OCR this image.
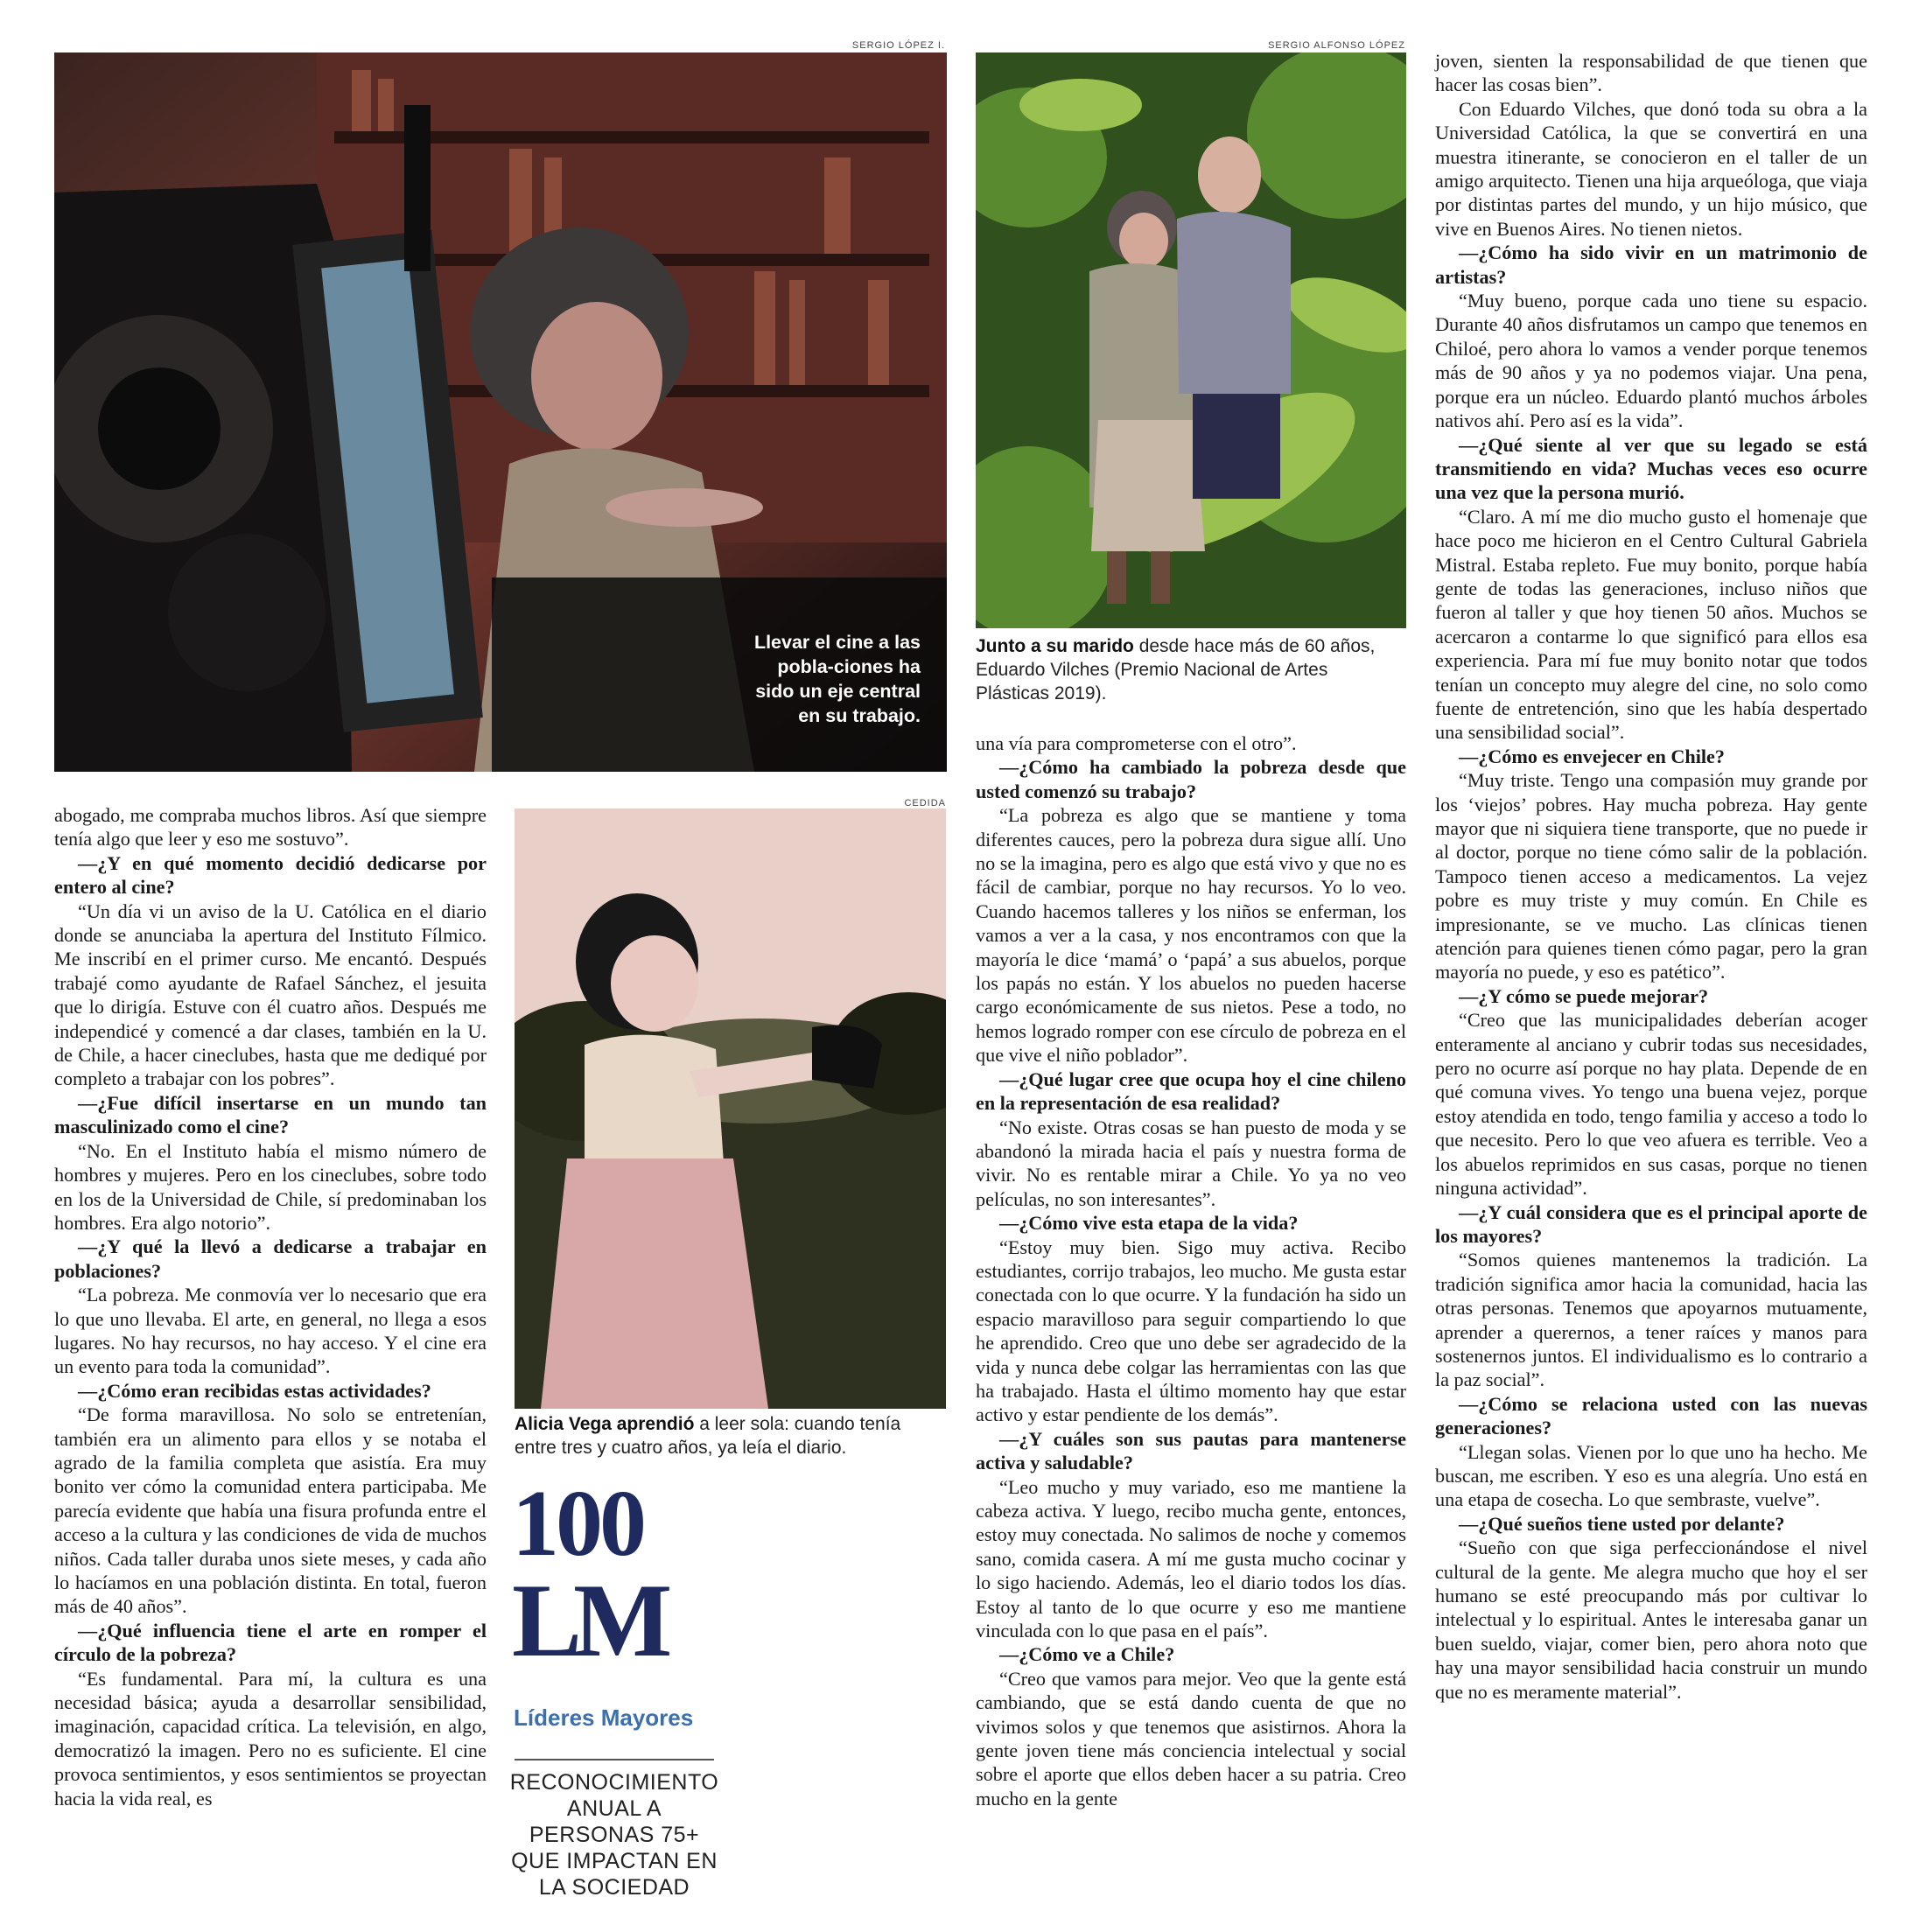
SERGIO LÓPEZ I.
Llevar el cine a las pobla-ciones ha sido un eje central en su trabajo.
SERGIO ALFONSO LÓPEZ
Junto a su marido desde hace más de 60 años, Eduardo Vilches (Premio Nacional de Artes Plásticas 2019).
CEDIDA
Alicia Vega aprendió a leer sola: cuando tenía entre tres y cuatro años, ya leía el diario.
100
LM
Líderes Mayores
RECONOCIMIENTO ANUAL A PERSONAS 75+ QUE IMPACTAN EN LA SOCIEDAD

abogado, me compraba muchos libros. Así que siempre tenía algo que leer y eso me sostuvo”.

—¿Y en qué momento decidió dedicarse por entero al cine?

“Un día vi un aviso de la U. Católica en el diario donde se anunciaba la apertura del Instituto Fílmico. Me inscribí en el primer curso. Me encantó. Después trabajé como ayudante de Rafael Sánchez, el jesuita que lo dirigía. Estuve con él cuatro años. Después me independicé y comencé a dar clases, también en la U. de Chile, a hacer cineclubes, hasta que me dediqué por completo a trabajar con los pobres”.

—¿Fue difícil insertarse en un mundo tan masculinizado como el cine?

“No. En el Instituto había el mismo número de hombres y mujeres. Pero en los cineclubes, sobre todo en los de la Universidad de Chile, sí predominaban los hombres. Era algo notorio”.

—¿Y qué la llevó a dedicarse a trabajar en poblaciones?

“La pobreza. Me conmovía ver lo necesario que era lo que uno llevaba. El arte, en general, no llega a esos lugares. No hay recursos, no hay acceso. Y el cine era un evento para toda la comunidad”.

—¿Cómo eran recibidas estas actividades?

“De forma maravillosa. No solo se entretenían, también era un alimento para ellos y se notaba el agrado de la familia completa que asistía. Era muy bonito ver cómo la comunidad entera participaba. Me parecía evidente que había una fisura profunda entre el acceso a la cultura y las condiciones de vida de muchos niños. Cada taller duraba unos siete meses, y cada año lo hacíamos en una población distinta. En total, fueron más de 40 años”.

—¿Qué influencia tiene el arte en romper el círculo de la pobreza?

“Es fundamental. Para mí, la cultura es una necesidad básica; ayuda a desarrollar sensibilidad, imaginación, capacidad crítica. La televisión, en algo, democratizó la imagen. Pero no es suficiente. El cine provoca sentimientos, y esos sentimientos se proyectan hacia la vida real, es

una vía para comprometerse con el otro”.

—¿Cómo ha cambiado la pobreza desde que usted comenzó su trabajo?

“La pobreza es algo que se mantiene y toma diferentes cauces, pero la pobreza dura sigue allí. Uno no se la imagina, pero es algo que está vivo y que no es fácil de cambiar, porque no hay recursos. Yo lo veo. Cuando hacemos talleres y los niños se enferman, los vamos a ver a la casa, y nos encontramos con que la mayoría le dice ‘mamá’ o ‘papá’ a sus abuelos, porque los papás no están. Y los abuelos no pueden hacerse cargo económicamente de sus nietos. Pese a todo, no hemos logrado romper con ese círculo de pobreza en el que vive el niño poblador”.

—¿Qué lugar cree que ocupa hoy el cine chileno en la representación de esa realidad?

“No existe. Otras cosas se han puesto de moda y se abandonó la mirada hacia el país y nuestra forma de vivir. No es rentable mirar a Chile. Yo ya no veo películas, no son interesantes”.

—¿Cómo vive esta etapa de la vida?

“Estoy muy bien. Sigo muy activa. Recibo estudiantes, corrijo trabajos, leo mucho. Me gusta estar conectada con lo que ocurre. Y la fundación ha sido un espacio maravilloso para seguir compartiendo lo que he aprendido. Creo que uno debe ser agradecido de la vida y nunca debe colgar las herramientas con las que ha trabajado. Hasta el último momento hay que estar activo y estar pendiente de los demás”.

—¿Y cuáles son sus pautas para mantenerse activa y saludable?

“Leo mucho y muy variado, eso me mantiene la cabeza activa. Y luego, recibo mucha gente, entonces, estoy muy conectada. No salimos de noche y comemos sano, comida casera. A mí me gusta mucho cocinar y lo sigo haciendo. Además, leo el diario todos los días. Estoy al tanto de lo que ocurre y eso me mantiene vinculada con lo que pasa en el país”.

—¿Cómo ve a Chile?

“Creo que vamos para mejor. Veo que la gente está cambiando, que se está dando cuenta de que no vivimos solos y que tenemos que asistirnos. Ahora la gente joven tiene más conciencia intelectual y social sobre el aporte que ellos deben hacer a su patria. Creo mucho en la gente

joven, sienten la responsabilidad de que tienen que hacer las cosas bien”.

Con Eduardo Vilches, que donó toda su obra a la Universidad Católica, la que se convertirá en una muestra itinerante, se conocieron en el taller de un amigo arquitecto. Tienen una hija arqueóloga, que viaja por distintas partes del mundo, y un hijo músico, que vive en Buenos Aires. No tienen nietos.

—¿Cómo ha sido vivir en un matrimonio de artistas?

“Muy bueno, porque cada uno tiene su espacio. Durante 40 años disfrutamos un campo que tenemos en Chiloé, pero ahora lo vamos a vender porque tenemos más de 90 años y ya no podemos viajar. Una pena, porque era un núcleo. Eduardo plantó muchos árboles nativos ahí. Pero así es la vida”.

—¿Qué siente al ver que su legado se está transmitiendo en vida? Muchas veces eso ocurre una vez que la persona murió.

“Claro. A mí me dio mucho gusto el homenaje que hace poco me hicieron en el Centro Cultural Gabriela Mistral. Estaba repleto. Fue muy bonito, porque había gente de todas las generaciones, incluso niños que fueron al taller y que hoy tienen 50 años. Muchos se acercaron a contarme lo que significó para ellos esa experiencia. Para mí fue muy bonito notar que todos tenían un concepto muy alegre del cine, no solo como fuente de entretención, sino que les había despertado una sensibilidad social”.

—¿Cómo es envejecer en Chile?

“Muy triste. Tengo una compasión muy grande por los ‘viejos’ pobres. Hay mucha pobreza. Hay gente mayor que ni siquiera tiene transporte, que no puede ir al doctor, porque no tiene cómo salir de la población. Tampoco tienen acceso a medicamentos. La vejez pobre es muy triste y muy común. En Chile es impresionante, se ve mucho. Las clínicas tienen atención para quienes tienen cómo pagar, pero la gran mayoría no puede, y eso es patético”.

—¿Y cómo se puede mejorar?

“Creo que las municipalidades deberían acoger enteramente al anciano y cubrir todas sus necesidades, pero no ocurre así porque no hay plata. Depende de en qué comuna vives. Yo tengo una buena vejez, porque estoy atendida en todo, tengo familia y acceso a todo lo que necesito. Pero lo que veo afuera es terrible. Veo a los abuelos reprimidos en sus casas, porque no tienen ninguna actividad”.

—¿Y cuál considera que es el principal aporte de los mayores?

“Somos quienes mantenemos la tradición. La tradición significa amor hacia la comunidad, hacia las otras personas. Tenemos que apoyarnos mutuamente, aprender a querernos, a tener raíces y manos para sostenernos juntos. El individualismo es lo contrario a la paz social”.

—¿Cómo se relaciona usted con las nuevas generaciones?

“Llegan solas. Vienen por lo que uno ha hecho. Me buscan, me escriben. Y eso es una alegría. Uno está en una etapa de cosecha. Lo que sembraste, vuelve”.

—¿Qué sueños tiene usted por delante?

“Sueño con que siga perfeccionándose el nivel cultural de la gente. Me alegra mucho que hoy el ser humano se esté preocupando más por cultivar lo intelectual y lo espiritual. Antes le interesaba ganar un buen sueldo, viajar, comer bien, pero ahora noto que hay una mayor sensibilidad hacia construir un mundo que no es meramente material”.
